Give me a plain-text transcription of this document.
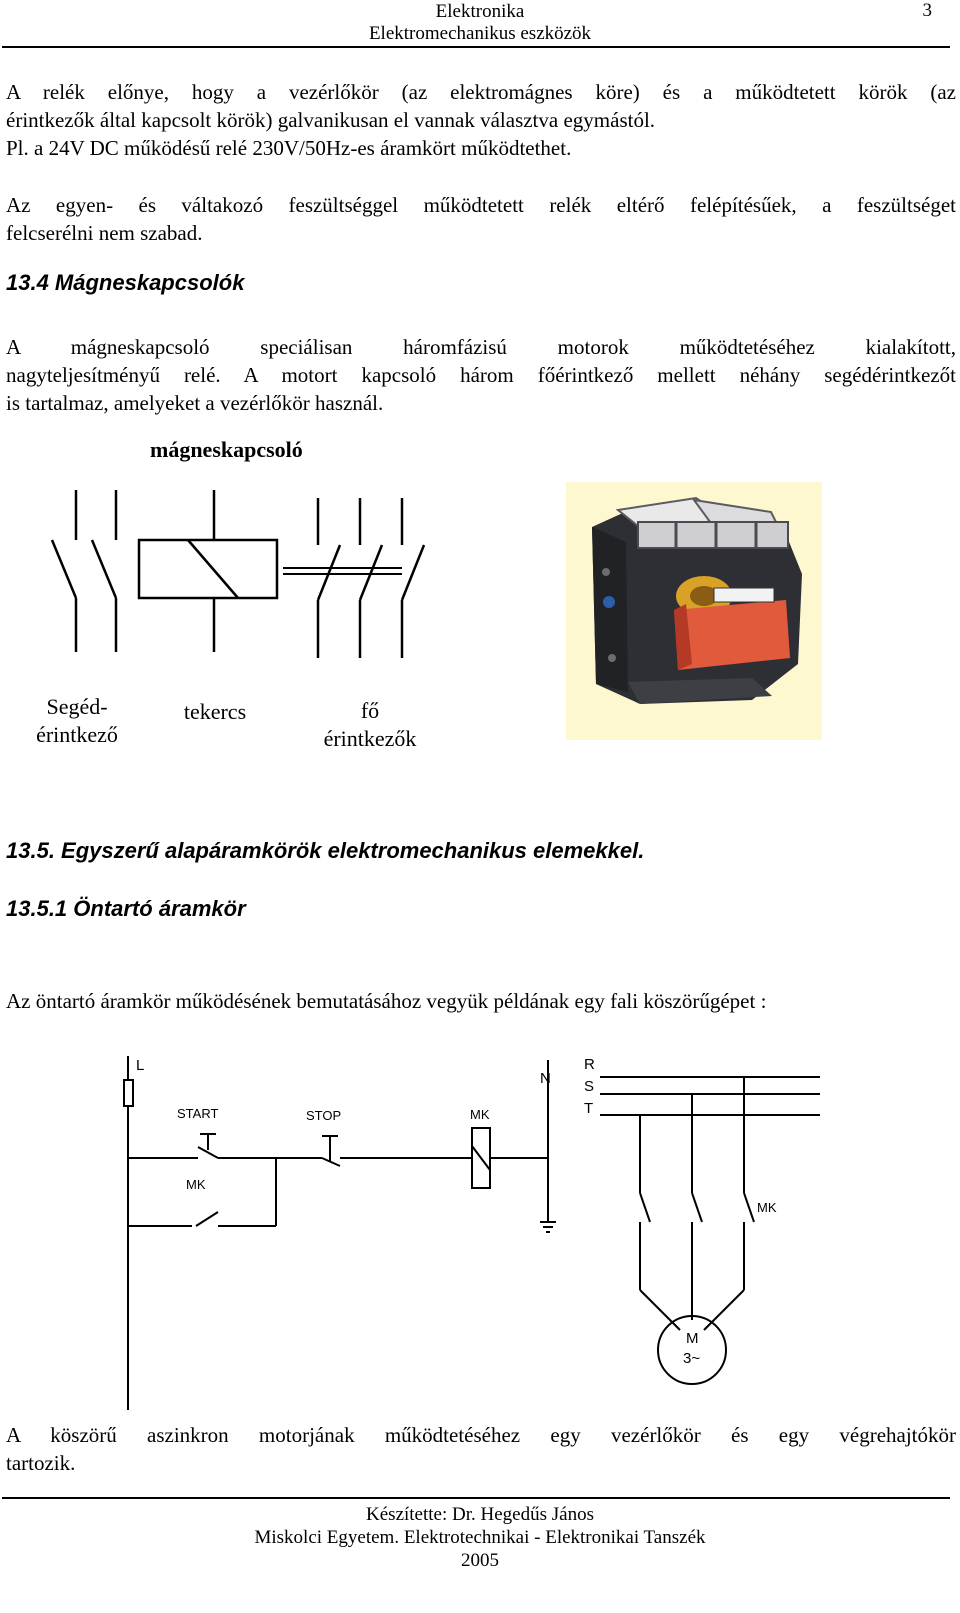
Elektronika
Elektromechanikus eszközök
3

A relék előnye, hogy a vezérlőkör (az elektromágnes köre) és a működtetett körök (az

érintkezők által kapcsolt körök) galvanikusan el vannak választva egymástól.

Pl. a 24V DC működésű relé 230V/50Hz-es áramkört működtethet.

Az egyen- és váltakozó feszültséggel működtetett relék eltérő felépítésűek, a feszültséget

felcserélni nem szabad.

13.4 Mágneskapcsolók

A mágneskapcsoló speciálisan háromfázisú motorok működtetéséhez kialakított,

nagyteljesítményű relé. A motort kapcsoló három főérintkező mellett néhány segédérintkezőt

is tartalmaz, amelyeket a vezérlőkör használ.

mágneskapcsoló
Segéd-
érintkező
tekercs	fő
érintkezők
13.5. Egyszerű alapáramkörök elektromechanikus elemekkel.
13.5.1 Öntartó áramkör
Az öntartó áramkör működésének bemutatásához vegyük példának egy fali köszörűgépet :
L
N
R
S
T
START	STOP	MK
MK
MK
M
3~

A köszörű aszinkron motorjának működtetéséhez egy vezérlőkör és egy végrehajtókör

tartozik.

Készítette: Dr. Hegedűs János
Miskolci Egyetem. Elektrotechnikai - Elektronikai Tanszék
2005
